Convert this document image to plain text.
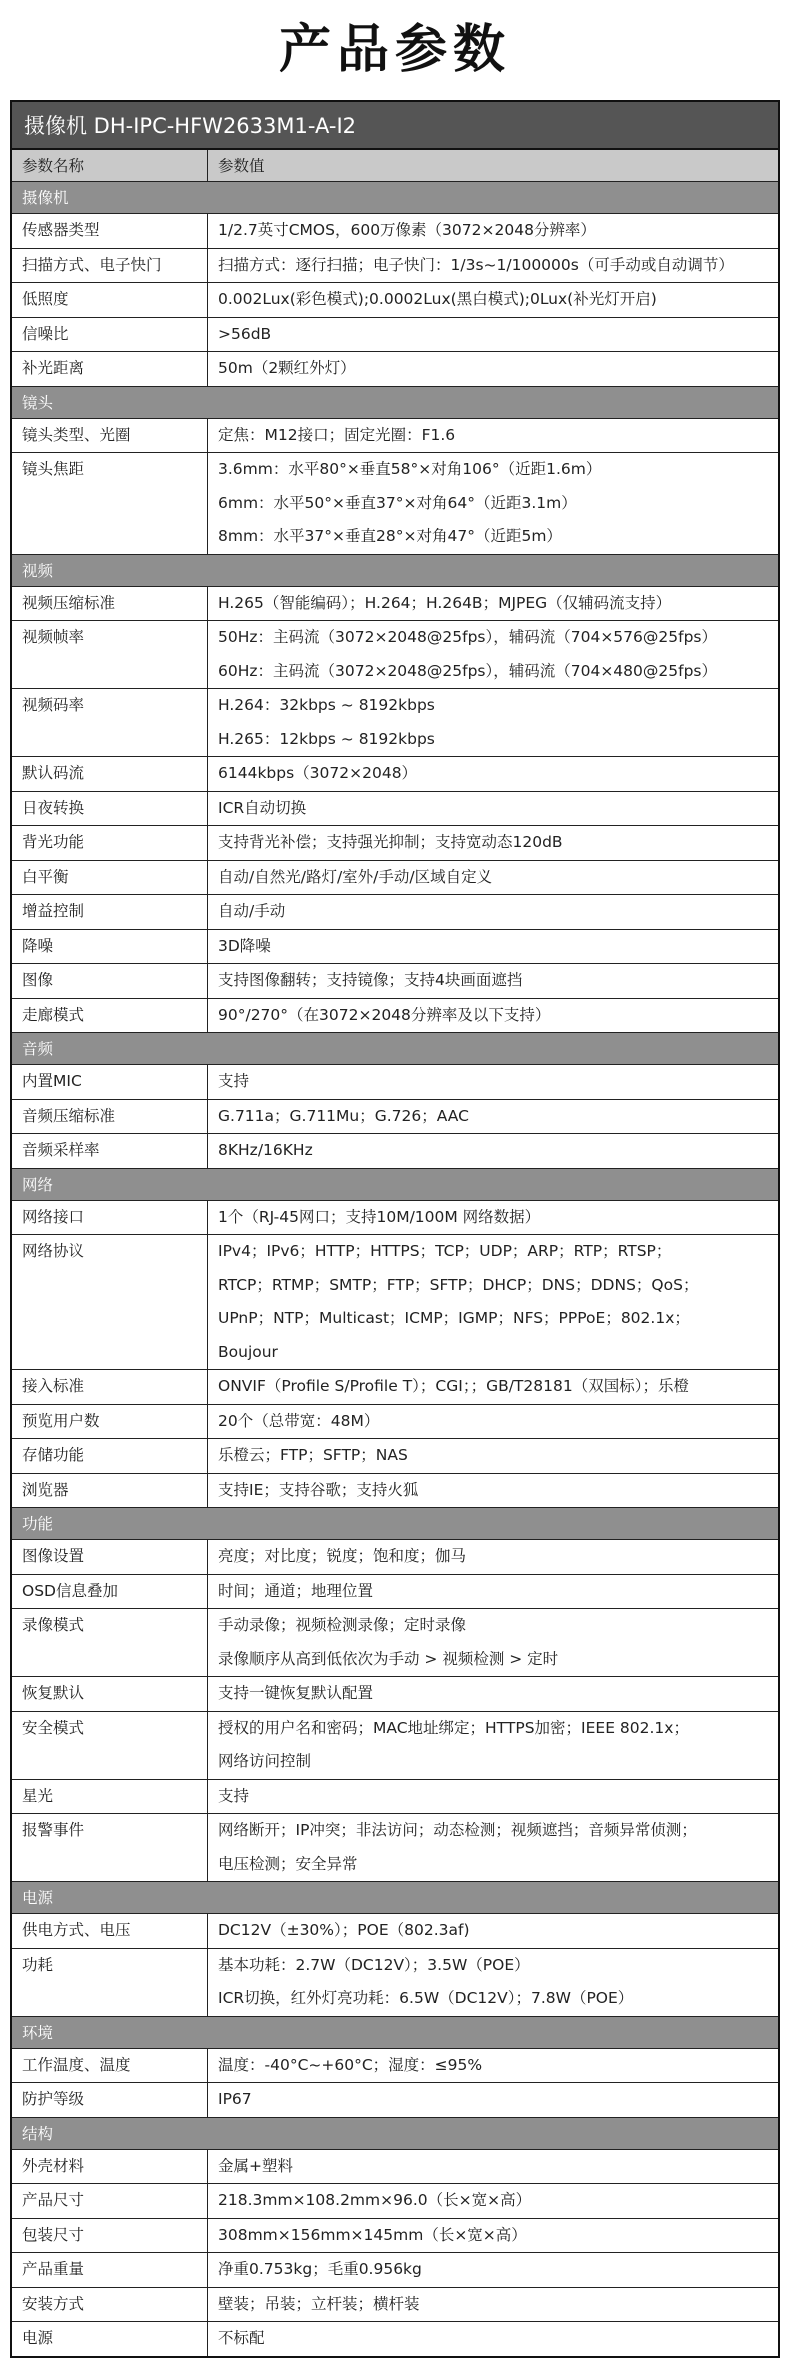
产品参数
摄像机 DH-IPC-HFW2633M1-A-I2
参数名称	参数值
摄像机
传感器类型	1/2.7英寸CMOS，600万像素（3072×2048分辨率）
扫描方式、电子快门	扫描方式：逐行扫描；电子快门：1/3s~1/100000s（可手动或自动调节）
低照度	0.002Lux(彩色模式);0.0002Lux(黑白模式);0Lux(补光灯开启)
信噪比	>56dB
补光距离	50m（2颗红外灯）
镜头
镜头类型、光圈	定焦：M12接口；固定光圈：F1.6
镜头焦距	3.6mm：水平80°×垂直58°×对角106°（近距1.6m）
6mm：水平50°×垂直37°×对角64°（近距3.1m）
8mm：水平37°×垂直28°×对角47°（近距5m）
视频
视频压缩标准	H.265（智能编码）；H.264；H.264B；MJPEG（仅辅码流支持）
视频帧率	50Hz：主码流（3072×2048@25fps），辅码流（704×576@25fps）
60Hz：主码流（3072×2048@25fps），辅码流（704×480@25fps）
视频码率	H.264：32kbps ~ 8192kbps
H.265：12kbps ~ 8192kbps
默认码流	6144kbps（3072×2048）
日夜转换	ICR自动切换
背光功能	支持背光补偿；支持强光抑制；支持宽动态120dB
白平衡	自动/自然光/路灯/室外/手动/区域自定义
增益控制	自动/手动
降噪	3D降噪
图像	支持图像翻转；支持镜像；支持4块画面遮挡
走廊模式	90°/270°（在3072×2048分辨率及以下支持）
音频
内置MIC	支持
音频压缩标准	G.711a；G.711Mu；G.726；AAC
音频采样率	8KHz/16KHz
网络
网络接口	1个（RJ-45网口；支持10M/100M 网络数据）
网络协议	IPv4；IPv6；HTTP；HTTPS；TCP；UDP；ARP；RTP；RTSP；
RTCP；RTMP；SMTP；FTP；SFTP；DHCP；DNS；DDNS；QoS；
UPnP；NTP；Multicast；ICMP；IGMP；NFS；PPPoE；802.1x；
Boujour
接入标准	ONVIF（Profile S/Profile T）；CGI；；GB/T28181（双国标）；乐橙
预览用户数	20个（总带宽：48M）
存储功能	乐橙云；FTP；SFTP；NAS
浏览器	支持IE；支持谷歌；支持火狐
功能
图像设置	亮度；对比度；锐度；饱和度；伽马
OSD信息叠加	时间；通道；地理位置
录像模式	手动录像；视频检测录像；定时录像
录像顺序从高到低依次为手动 > 视频检测 > 定时
恢复默认	支持一键恢复默认配置
安全模式	授权的用户名和密码；MAC地址绑定；HTTPS加密；IEEE 802.1x；
网络访问控制
星光	支持
报警事件	网络断开；IP冲突；非法访问；动态检测；视频遮挡；音频异常侦测；
电压检测；安全异常
电源
供电方式、电压	DC12V（±30%）；POE（802.3af)
功耗	基本功耗：2.7W（DC12V）；3.5W（POE）
ICR切换，红外灯亮功耗：6.5W（DC12V）；7.8W（POE）
环境
工作温度、温度	温度：-40°C~+60°C；湿度：≤95%
防护等级	IP67
结构
外壳材料	金属+塑料
产品尺寸	218.3mm×108.2mm×96.0（长×宽×高）
包装尺寸	308mm×156mm×145mm（长×宽×高）
产品重量	净重0.753kg；毛重0.956kg
安装方式	壁装；吊装；立杆装；横杆装
电源	不标配
